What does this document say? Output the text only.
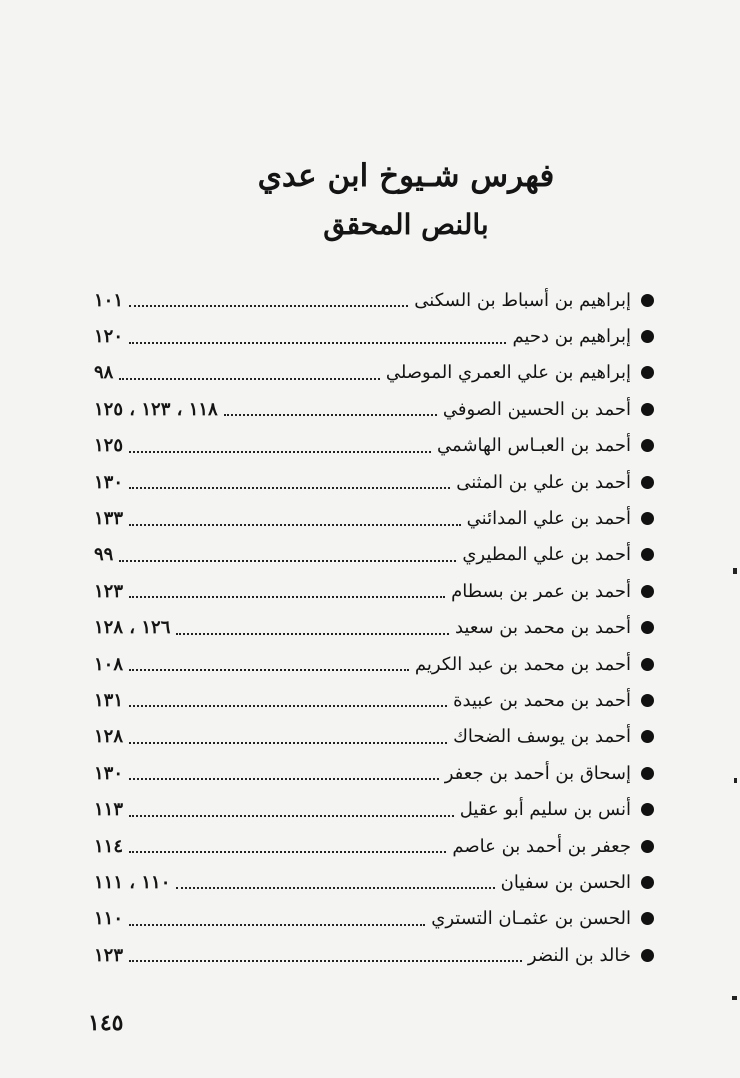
فهرس شـيوخ ابن عدي
بالنص المحقق
إبراهيم بن أسباط بن السكنى
١٠١
إبراهيم بن دحيم
١٢٠
إبراهيم بن علي العمري الموصلي
٩٨
أحمد بن الحسين الصوفي
١١٨ ، ١٢٣ ، ١٢٥
أحمد بن العبـاس الهاشمي
١٢٥
أحمد بن علي بن المثنى
١٣٠
أحمد بن علي المدائني
١٣٣
أحمد بن علي المطيري
٩٩
أحمد بن عمر بن بسطام
١٢٣
أحمد بن محمد بن سعيد
١٢٦ ، ١٢٨
أحمد بن محمد بن عبد الكريم
١٠٨
أحمد بن محمد بن عبيدة
١٣١
أحمد بن يوسف الضحاك
١٢٨
إسحاق بن أحمد بن جعفر
١٣٠
أنس بن سليم أبو عقيل
١١٣
جعفر بن أحمد بن عاصم
١١٤
الحسن بن سفيان
١١٠ ، ١١١
الحسن بن عثمـان التستري
١١٠
خالد بن النضر
١٢٣
١٤٥
